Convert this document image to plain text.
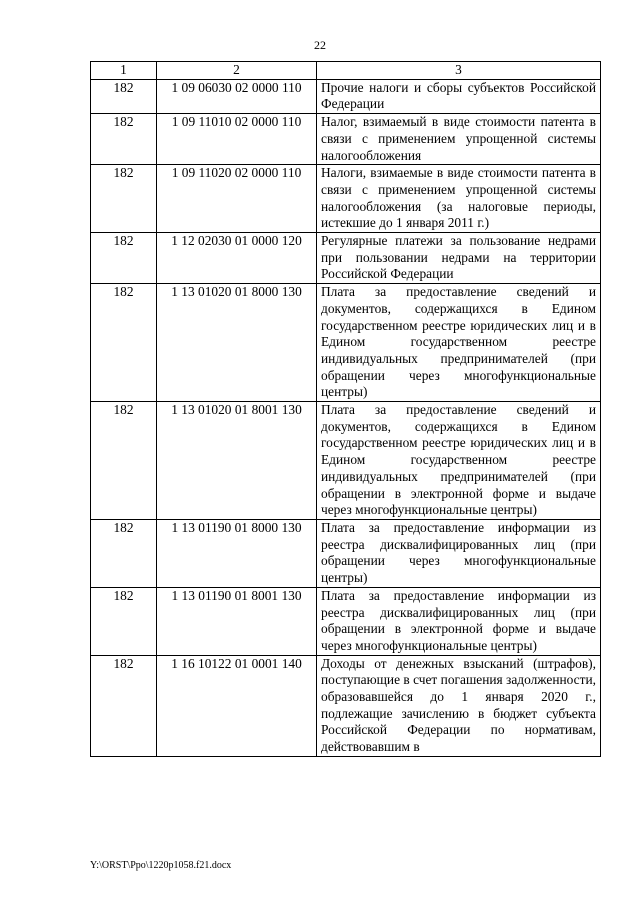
22
1	2	3
182	1 09 06030 02 0000 110	Прочие налоги и сборы субъектов Российской Федерации
182	1 09 11010 02 0000 110	Налог, взимаемый в виде стоимости патента в связи с применением упрощенной системы налогообложения
182	1 09 11020 02 0000 110	Налоги, взимаемые в виде стоимости патента в связи с применением упрощенной системы налогообложения (за налоговые периоды, истекшие до 1 января 2011 г.)
182	1 12 02030 01 0000 120	Регулярные платежи за пользование недрами при пользовании недрами на территории Российской Федерации
182	1 13 01020 01 8000 130	Плата за предоставление сведений и документов, содержащихся в Едином государственном реестре юридических лиц и в Едином государственном реестре индивидуальных предпринимателей (при обращении через многофункциональные центры)
182	1 13 01020 01 8001 130	Плата за предоставление сведений и документов, содержащихся в Едином государственном реестре юридических лиц и в Едином государственном реестре индивидуальных предпринимателей (при обращении в электронной форме и выдаче через многофункциональные центры)
182	1 13 01190 01 8000 130	Плата за предоставление информации из реестра дисквалифицированных лиц (при обращении через многофункциональные центры)
182	1 13 01190 01 8001 130	Плата за предоставление информации из реестра дисквалифицированных лиц (при обращении в электронной форме и выдаче через многофункциональные центры)
182	1 16 10122 01 0001 140	Доходы от денежных взысканий (штрафов), поступающие в счет погашения задолженности, образовавшейся до 1 января 2020 г., подлежащие зачислению в бюджет субъекта Российской Федерации по нормативам, действовавшим в
Y:\ORST\Ppo\1220p1058.f21.docx
